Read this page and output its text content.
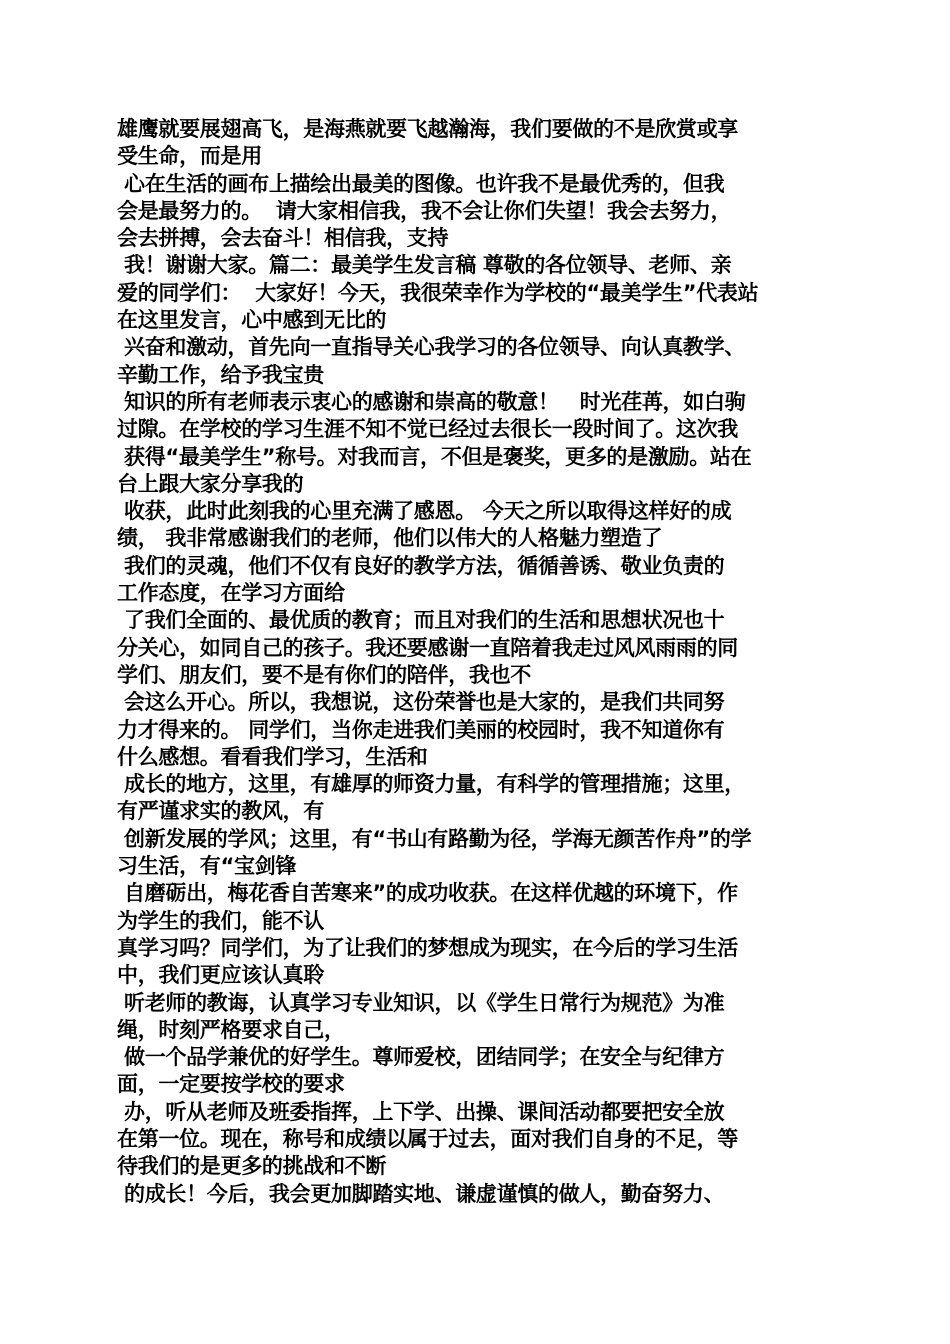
雄鹰就要展翅高飞，是海燕就要飞越瀚海，我们要做的不是欣赏或享
受生命，而是用
心在生活的画布上描绘出最美的图像。也许我不是最优秀的，但我
会是最努力的。  请大家相信我，我不会让你们失望！我会去努力，
会去拼搏，会去奋斗！相信我，支持
我！谢谢大家。篇二：最美学生发言稿 尊敬的各位领导、老师、亲
爱的同学们：  大家好！今天，我很荣幸作为学校的“最美学生”代表站
在这里发言，心中感到无比的
兴奋和激动，首先向一直指导关心我学习的各位领导、向认真教学、
辛勤工作，给予我宝贵
知识的所有老师表示衷心的感谢和崇高的敬意！   时光荏苒，如白驹
过隙。在学校的学习生涯不知不觉已经过去很长一段时间了。这次我
获得“最美学生”称号。对我而言，不但是褒奖，更多的是激励。站在
台上跟大家分享我的
收获，此时此刻我的心里充满了感恩。 今天之所以取得这样好的成
绩， 我非常感谢我们的老师，他们以伟大的人格魅力塑造了
我们的灵魂，他们不仅有良好的教学方法，循循善诱、敬业负责的
工作态度，在学习方面给
了我们全面的、最优质的教育；而且对我们的生活和思想状况也十
分关心，如同自己的孩子。我还要感谢一直陪着我走过风风雨雨的同
学们、朋友们，要不是有你们的陪伴，我也不
会这么开心。所以，我想说，这份荣誉也是大家的，是我们共同努
力才得来的。 同学们，当你走进我们美丽的校园时，我不知道你有
什么感想。看看我们学习，生活和
成长的地方，这里，有雄厚的师资力量，有科学的管理措施；这里，
有严谨求实的教风，有
创新发展的学风；这里，有“书山有路勤为径，学海无颜苦作舟”的学
习生活，有“宝剑锋
自磨砺出，梅花香自苦寒来”的成功收获。在这样优越的环境下，作
为学生的我们，能不认
真学习吗？同学们，为了让我们的梦想成为现实，在今后的学习生活
中，我们更应该认真聆
听老师的教诲，认真学习专业知识，以《学生日常行为规范》为准
绳，时刻严格要求自己，
做一个品学兼优的好学生。尊师爱校，团结同学；在安全与纪律方
面，一定要按学校的要求
办，听从老师及班委指挥，上下学、出操、课间活动都要把安全放
在第一位。现在，称号和成绩以属于过去，面对我们自身的不足，等
待我们的是更多的挑战和不断
的成长！今后，我会更加脚踏实地、谦虚谨慎的做人，勤奋努力、
